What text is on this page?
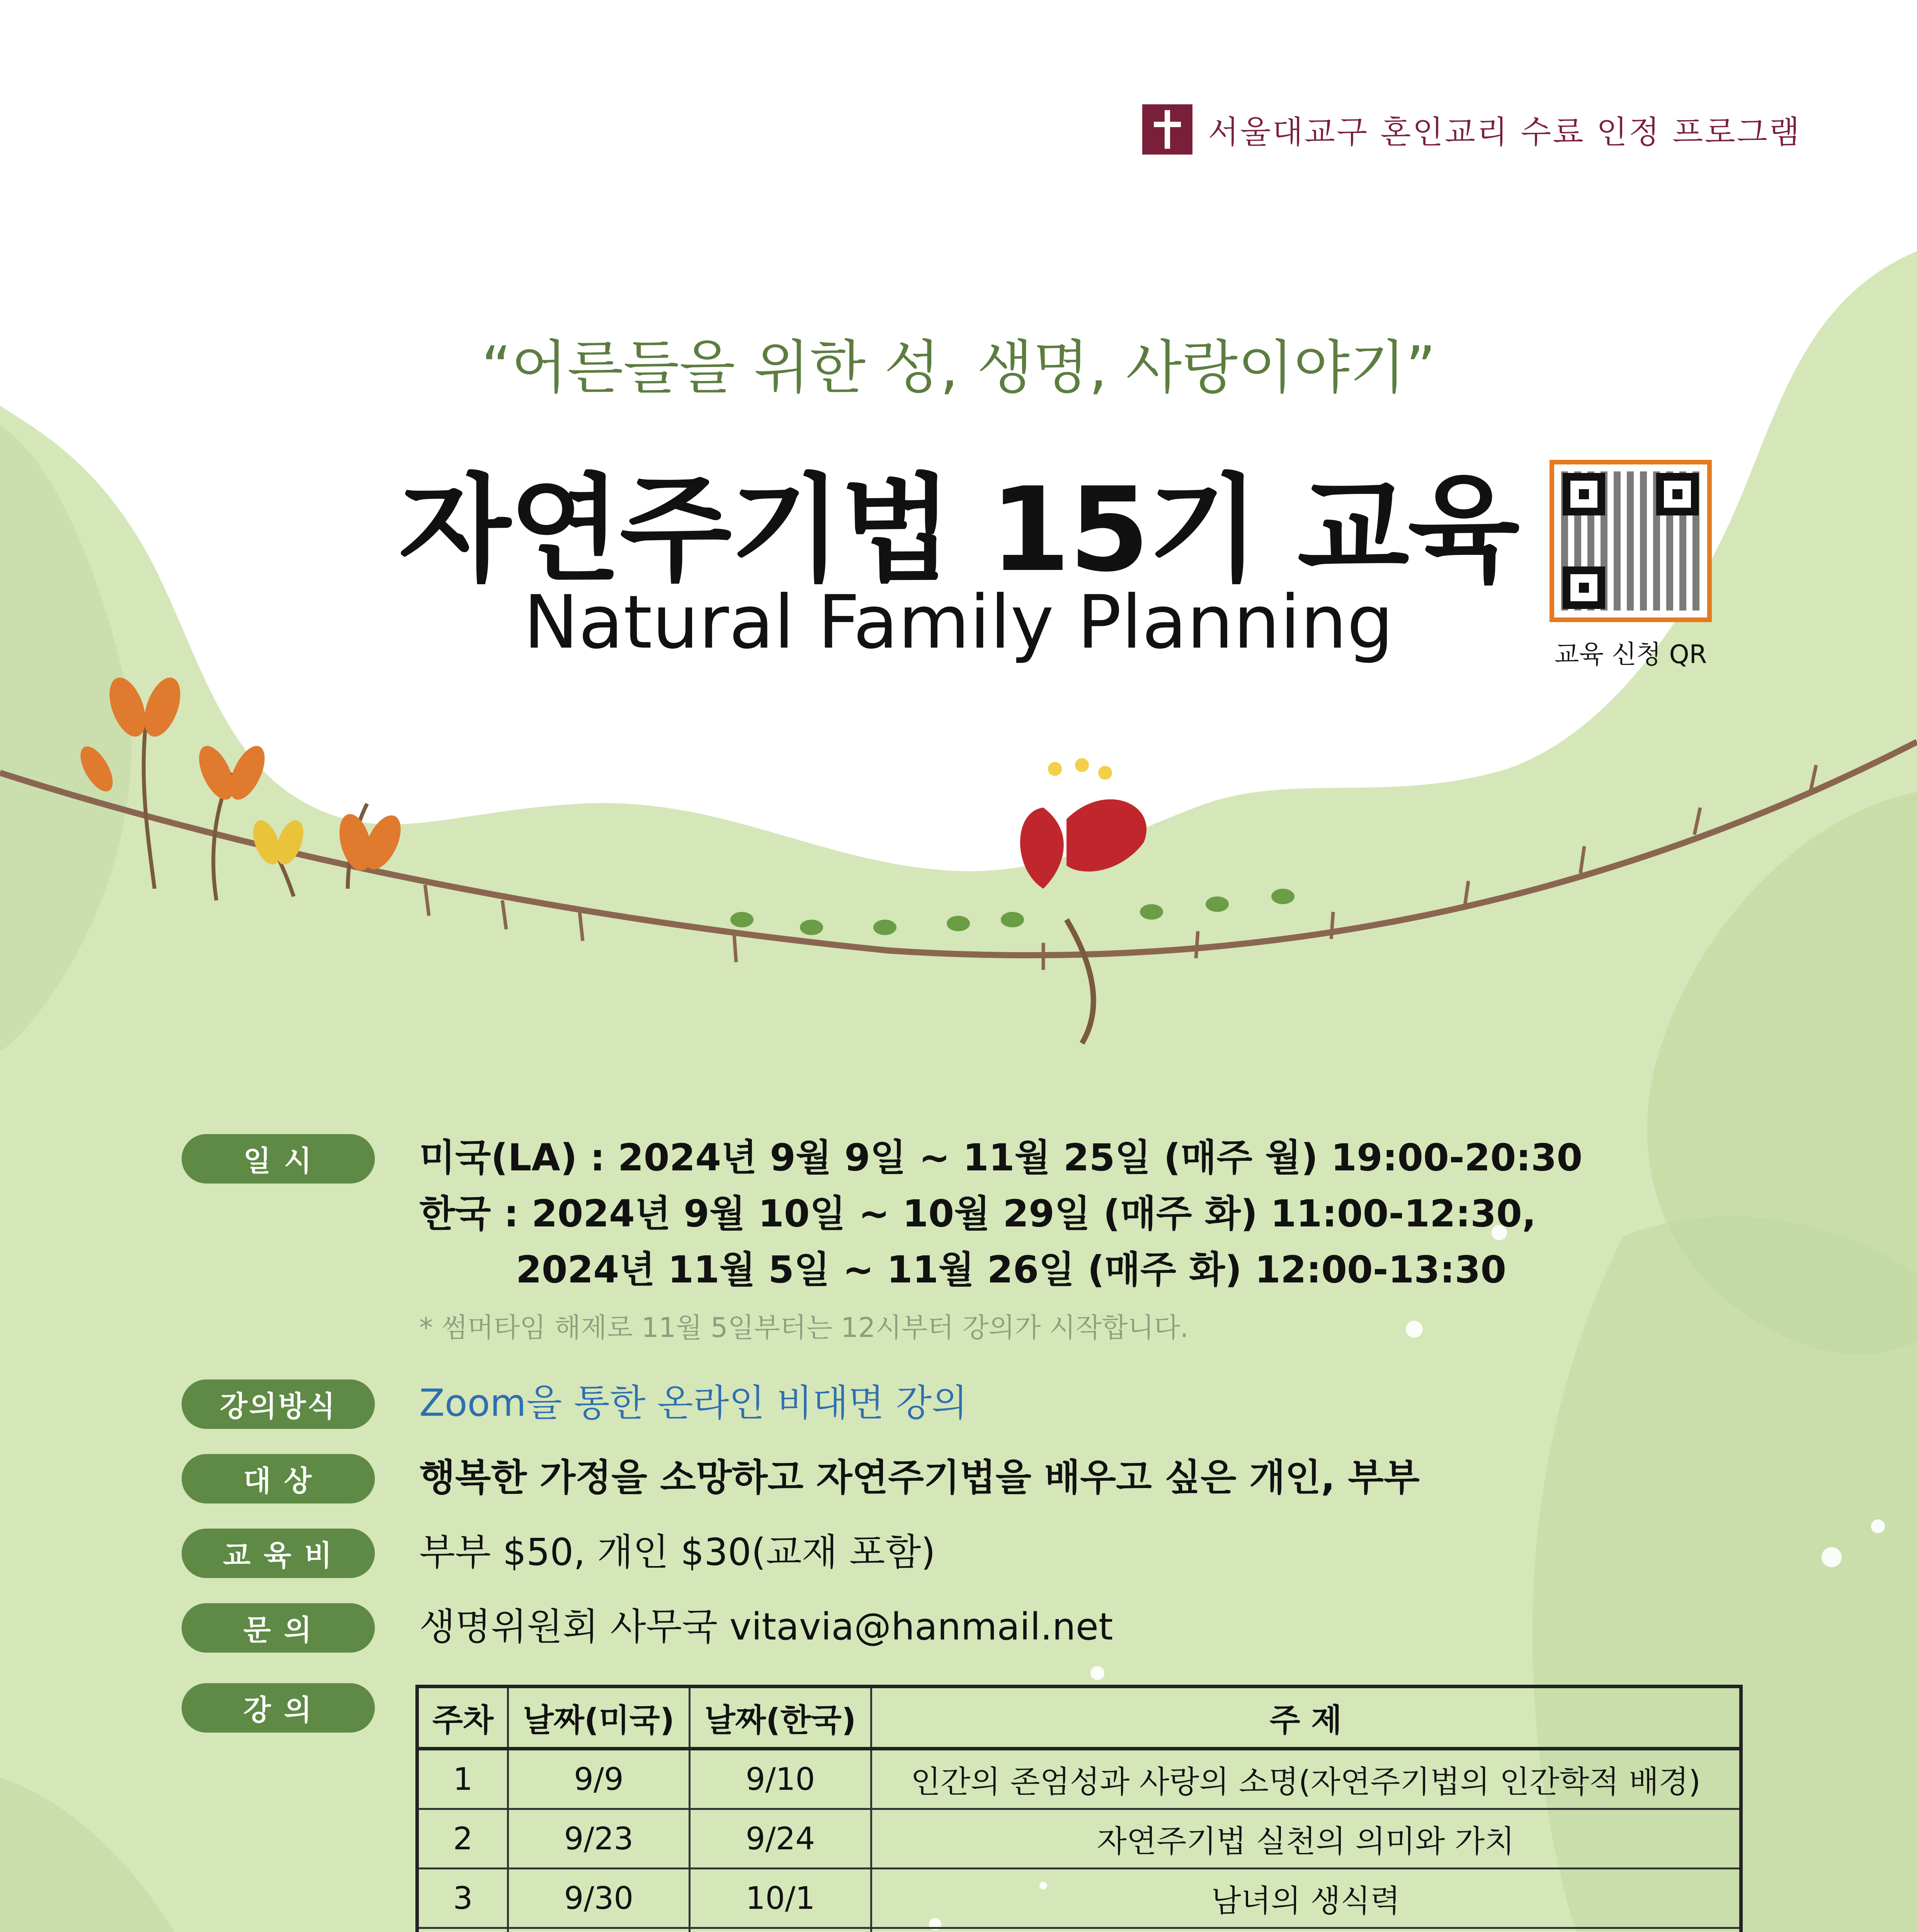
서울대교구 혼인교리 수료 인정 프로그램
“어른들을 위한 성, 생명, 사랑이야기”
자연주기법 15기 교육
Natural Family Planning	교육 신청 QR
일 시	미국(LA) : 2024년 9월 9일 ~ 11월 25일 (매주 월) 19:00-20:30
한국 : 2024년 9월 10일 ~ 10월 29일 (매주 화) 11:00-12:30,
2024년 11월 5일 ~ 11월 26일 (매주 화) 12:00-13:30
* 썸머타임 해제로 11월 5일부터는 12시부터 강의가 시작합니다.
강의방식	Zoom을 통한 온라인 비대면 강의
대 상	행복한 가정을 소망하고 자연주기법을 배우고 싶은 개인, 부부
교 육 비	부부 $50, 개인 $30(교재 포함)
문 의	생명위원회 사무국 vitavia@hanmail.net
강 의	주차	날짜(미국)	날짜(한국)	주 제
1	9/9	9/10	인간의 존엄성과 사랑의 소명(자연주기법의 인간학적 배경)
2	9/23	9/24	자연주기법 실천의 의미와 가치
3	9/30	10/1	남녀의 생식력
